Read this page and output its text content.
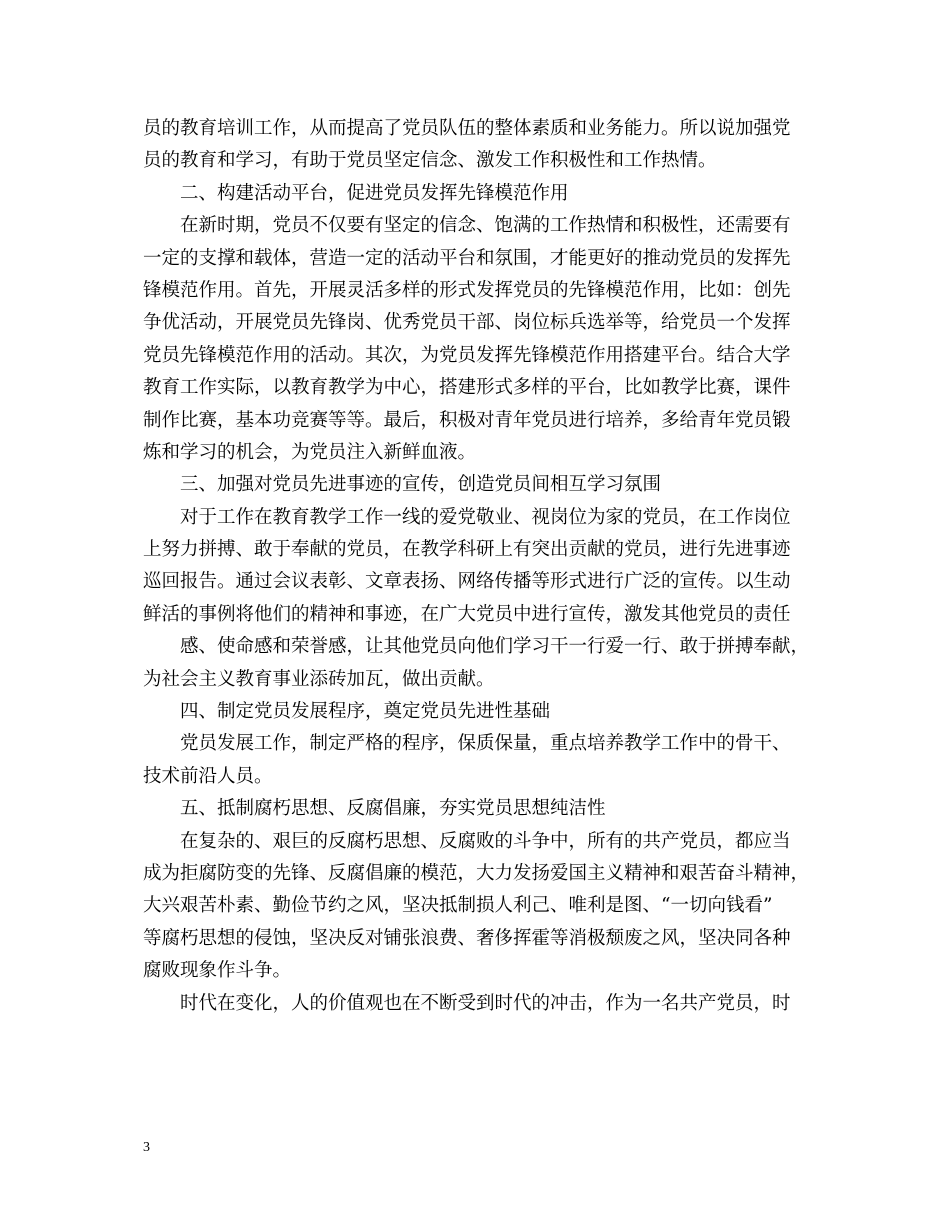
员的教育培训工作，从而提高了党员队伍的整体素质和业务能力。所以说加强党
员的教育和学习，有助于党员坚定信念、激发工作积极性和工作热情。
二、构建活动平台，促进党员发挥先锋模范作用
在新时期，党员不仅要有坚定的信念、饱满的工作热情和积极性，还需要有
一定的支撑和载体，营造一定的活动平台和氛围，才能更好的推动党员的发挥先
锋模范作用。首先，开展灵活多样的形式发挥党员的先锋模范作用，比如：创先
争优活动，开展党员先锋岗、优秀党员干部、岗位标兵选举等，给党员一个发挥
党员先锋模范作用的活动。其次，为党员发挥先锋模范作用搭建平台。结合大学
教育工作实际，以教育教学为中心，搭建形式多样的平台，比如教学比赛，课件
制作比赛，基本功竞赛等等。最后，积极对青年党员进行培养，多给青年党员锻
炼和学习的机会，为党员注入新鲜血液。
三、加强对党员先进事迹的宣传，创造党员间相互学习氛围
对于工作在教育教学工作一线的爱党敬业、视岗位为家的党员，在工作岗位
上努力拼搏、敢于奉献的党员，在教学科研上有突出贡献的党员，进行先进事迹
巡回报告。通过会议表彰、文章表扬、网络传播等形式进行广泛的宣传。以生动
鲜活的事例将他们的精神和事迹，在广大党员中进行宣传，激发其他党员的责任
感、使命感和荣誉感，让其他党员向他们学习干一行爱一行、敢于拼搏奉献，
为社会主义教育事业添砖加瓦，做出贡献。
四、制定党员发展程序，奠定党员先进性基础
党员发展工作，制定严格的程序，保质保量，重点培养教学工作中的骨干、
技术前沿人员。
五、抵制腐朽思想、反腐倡廉，夯实党员思想纯洁性
在复杂的、艰巨的反腐朽思想、反腐败的斗争中，所有的共产党员，都应当
成为拒腐防变的先锋、反腐倡廉的模范，大力发扬爱国主义精神和艰苦奋斗精神，
大兴艰苦朴素、勤俭节约之风，坚决抵制损人利己、唯利是图、“一切向钱看”
等腐朽思想的侵蚀，坚决反对铺张浪费、奢侈挥霍等消极颓废之风，坚决同各种
腐败现象作斗争。
时代在变化，人的价值观也在不断受到时代的冲击，作为一名共产党员，时
3
